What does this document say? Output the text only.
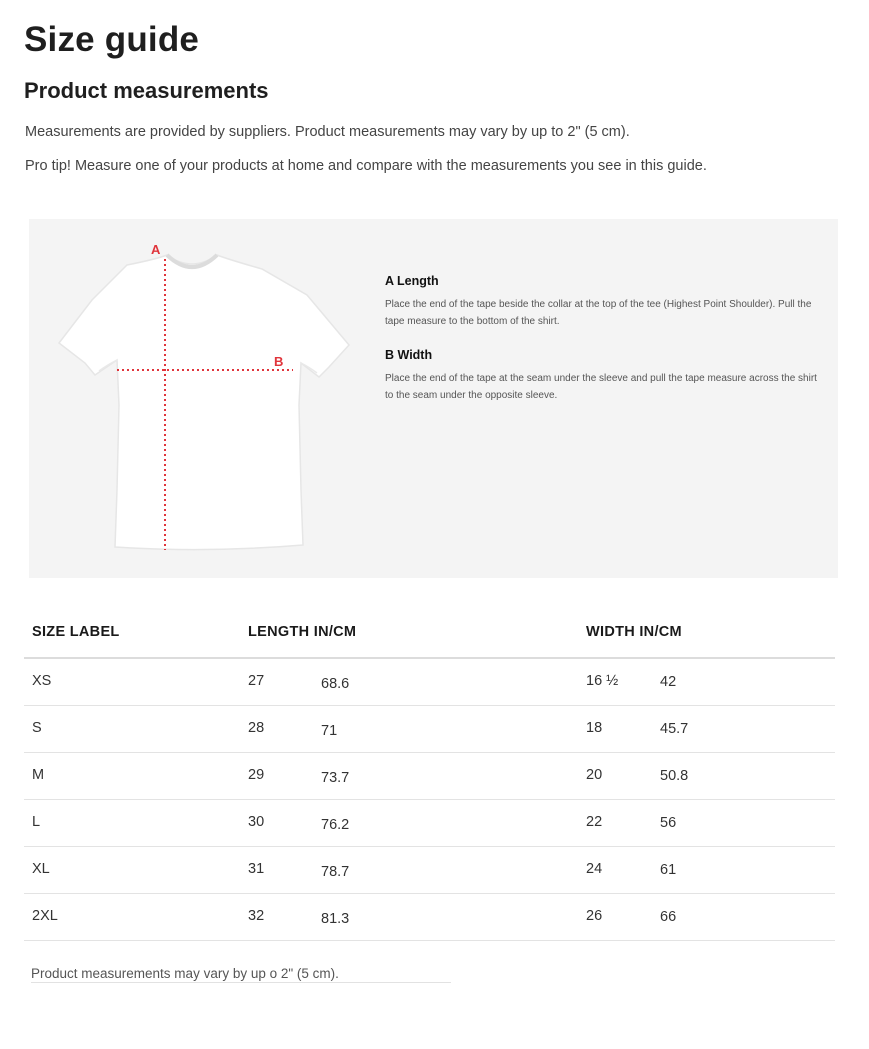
Size guide
Product measurements

Measurements are provided by suppliers. Product measurements may vary by up to 2" (5 cm).

Pro tip! Measure one of your products at home and compare with the measurements you see in this guide.

A
B
A Length

Place the end of the tape beside the collar at the top of the tee (Highest Point Shoulder). Pull the tape measure to the bottom of the shirt.

B Width

Place the end of the tape at the seam under the sleeve and pull the tape measure across the shirt to the seam under the opposite sleeve.

SIZE LABEL	LENGTH IN/CM	WIDTH IN/CM
XS	27	68.6	16 ½	42
S	28	71	18	45.7
M	29	73.7	20	50.8
L	30	76.2	22	56
XL	31	78.7	24	61
2XL	32	81.3	26	66

Product measurements may vary by up o 2" (5 cm).
